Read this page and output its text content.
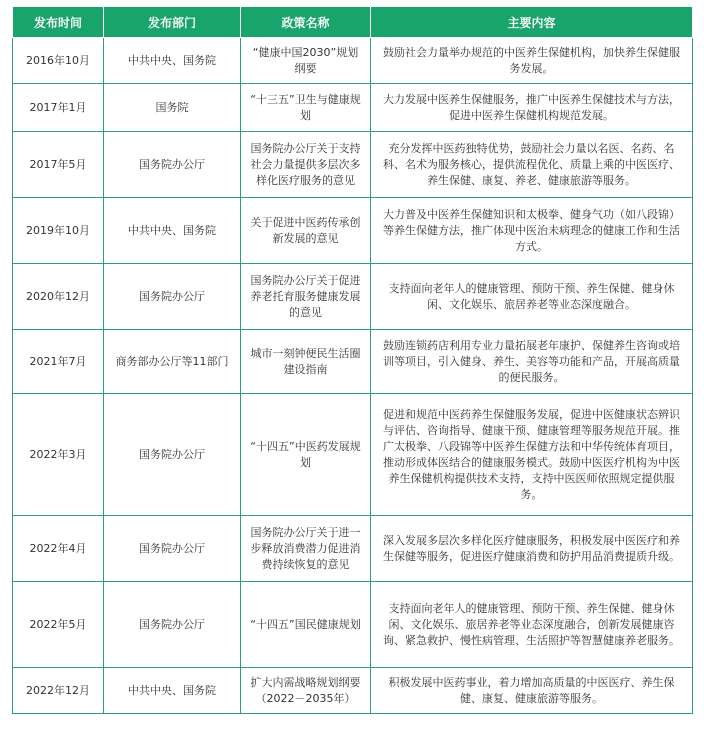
发布时间	发布部门	政策名称	主要内容
2016年10月	中共中央、国务院	“健康中国2030”规划纲要	鼓励社会力量举办规范的中医养生保健机构，加快养生保健服务发展。
2017年1月	国务院	“十三五”卫生与健康规划	大力发展中医养生保健服务，推广中医养生保健技术与方法，促进中医养生保健机构规范发展。
2017年5月	国务院办公厅	国务院办公厅关于支持社会力量提供多层次多样化医疗服务的意见	充分发挥中医药独特优势，鼓励社会力量以名医、名药、名科、名术为服务核心，提供流程优化、质量上乘的中医医疗、养生保健、康复、养老、健康旅游等服务。
2019年10月	中共中央、国务院	关于促进中医药传承创新发展的意见	大力普及中医养生保健知识和太极拳、健身气功（如八段锦）等养生保健方法，推广体现中医治未病理念的健康工作和生活方式。
2020年12月	国务院办公厅	国务院办公厅关于促进养老托育服务健康发展的意见	支持面向老年人的健康管理、预防干预、养生保健、健身休闲、文化娱乐、旅居养老等业态深度融合。
2021年7月	商务部办公厅等11部门	城市一刻钟便民生活圈建设指南	鼓励连锁药店利用专业力量拓展老年康护、保健养生咨询或培训等项目，引入健身、养生、美容等功能和产品，开展高质量的便民服务。
2022年3月	国务院办公厅	“十四五”中医药发展规划	促进和规范中医药养生保健服务发展，促进中医健康状态辨识与评估、咨询指导、健康干预、健康管理等服务规范开展。推广太极拳、八段锦等中医养生保健方法和中华传统体育项目，推动形成体医结合的健康服务模式。鼓励中医医疗机构为中医养生保健机构提供技术支持，支持中医医师依照规定提供服务。
2022年4月	国务院办公厅	国务院办公厅关于进一步释放消费潜力促进消费持续恢复的意见	深入发展多层次多样化医疗健康服务，积极发展中医医疗和养生保健等服务，促进医疗健康消费和防护用品消费提质升级。
2022年5月	国务院办公厅	“十四五”国民健康规划	支持面向老年人的健康管理、预防干预、养生保健、健身休闲、文化娱乐、旅居养老等业态深度融合，创新发展健康咨询、紧急救护、慢性病管理、生活照护等智慧健康养老服务。
2022年12月	中共中央、国务院	扩大内需战略规划纲要（2022－2035年）	积极发展中医药事业，着力增加高质量的中医医疗、养生保健、康复、健康旅游等服务。
